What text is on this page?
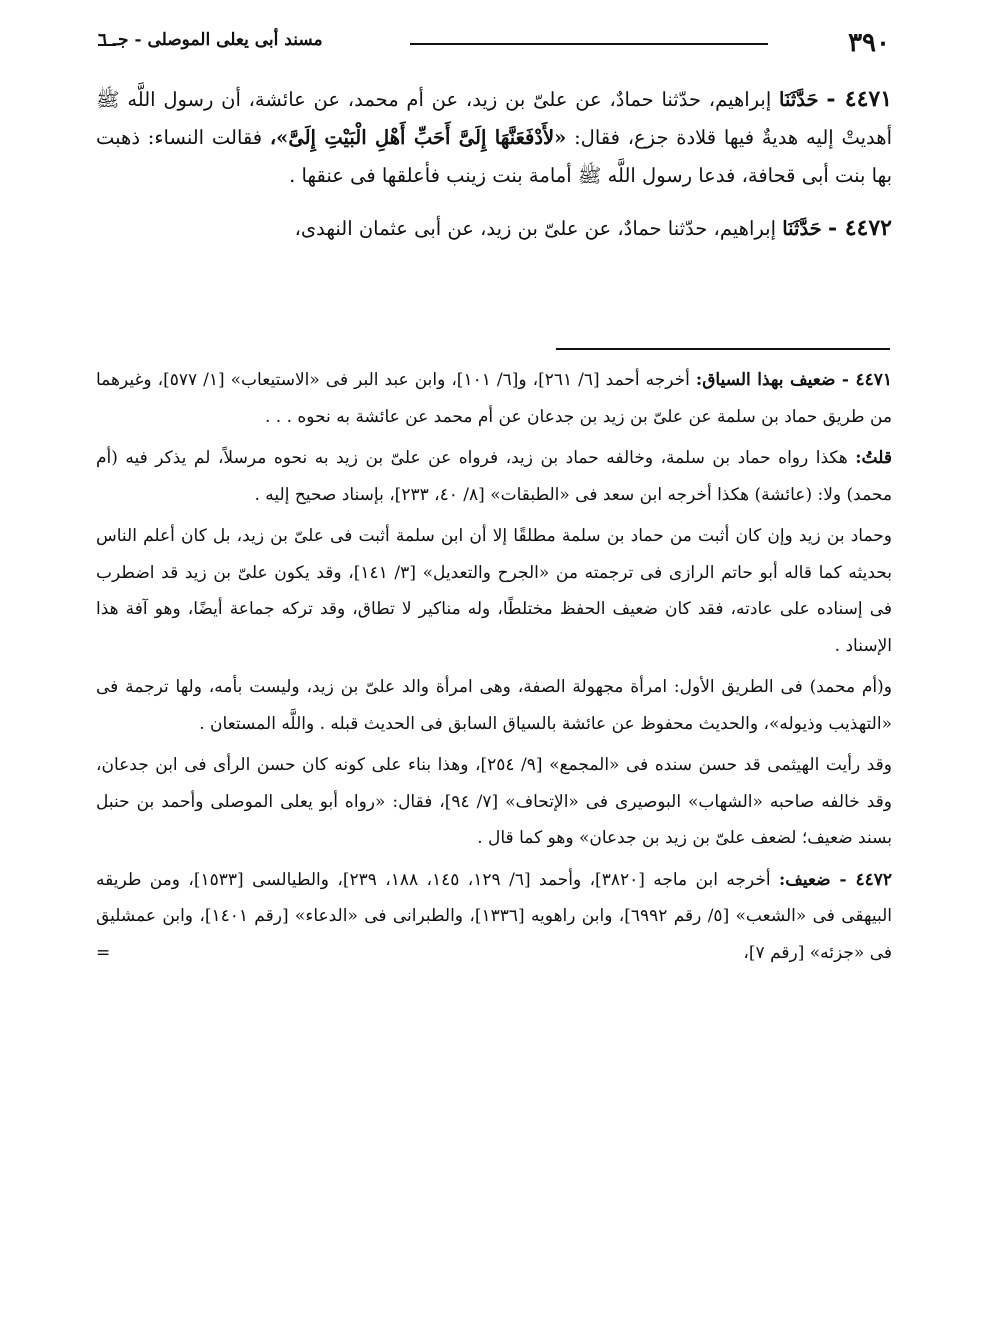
٣٩٠
مسند أبى يعلى الموصلى - جـ ٦

٤٤٧١ - حَدَّثَنَا إبراهيم، حدّثنا حمادٌ، عن علىّ بن زيد، عن أم محمد، عن عائشة، أن رسول اللَّه ﷺ أهديتْ إليه هديةٌ فيها قلادة جزع، فقال: «لأَدْفَعَنَّهَا إِلَىَّ أَحَبِّ أَهْلِ الْبَيْتِ إِلَىَّ»، فقالت النساء: ذهبت بها بنت أبى قحافة، فدعا رسول اللَّه ﷺ أمامة بنت زينب فأعلقها فى عنقها .

٤٤٧٢ - حَدَّثَنَا إبراهيم، حدّثنا حمادٌ، عن علىّ بن زيد، عن أبى عثمان النهدى،

٤٤٧١ - ضعيف بهذا السياق: أخرجه أحمد [٦/ ٢٦١]، و[٦/ ١٠١]، وابن عبد البر فى «الاستيعاب» [١/ ٥٧٧]، وغيرهما من طريق حماد بن سلمة عن علىّ بن زيد بن جدعان عن أم محمد عن عائشة به نحوه . . .

قلتُ: هكذا رواه حماد بن سلمة، وخالفه حماد بن زيد، فرواه عن علىّ بن زيد به نحوه مرسلاً، لم يذكر فيه (أم محمد) ولا: (عائشة) هكذا أخرجه ابن سعد فى «الطبقات» [٨/ ٤٠، ٢٣٣]، بإسناد صحيح إليه .

وحماد بن زيد وإن كان أثبت من حماد بن سلمة مطلقًا إلا أن ابن سلمة أثبت فى علىّ بن زيد، بل كان أعلم الناس بحديثه كما قاله أبو حاتم الرازى فى ترجمته من «الجرح والتعديل» [٣/ ١٤١]، وقد يكون علىّ بن زيد قد اضطرب فى إسناده على عادته، فقد كان ضعيف الحفظ مختلطًا، وله مناكير لا تطاق، وقد تركه جماعة أيضًا، وهو آفة هذا الإسناد .

و(أم محمد) فى الطريق الأول: امرأة مجهولة الصفة، وهى امرأة والد علىّ بن زيد، وليست بأمه، ولها ترجمة فى «التهذيب وذيوله»، والحديث محفوظ عن عائشة بالسياق السابق فى الحديث قبله . واللَّه المستعان .

وقد رأيت الهيثمى قد حسن سنده فى «المجمع» [٩/ ٢٥٤]، وهذا بناء على كونه كان حسن الرأى فى ابن جدعان، وقد خالفه صاحبه «الشهاب» البوصيرى فى «الإتحاف» [٧/ ٩٤]، فقال: «رواه أبو يعلى الموصلى وأحمد بن حنبل بسند ضعيف؛ لضعف علىّ بن زيد بن جدعان» وهو كما قال .

٤٤٧٢ - ضعيف: أخرجه ابن ماجه [٣٨٢٠]، وأحمد [٦/ ١٢٩، ١٤٥، ١٨٨، ٢٣٩]، والطيالسى [١٥٣٣]، ومن طريقه البيهقى فى «الشعب» [٥/ رقم ٦٩٩٢]، وابن راهويه [١٣٣٦]، والطبرانى فى «الدعاء» [رقم ١٤٠١]، وابن عمشليق فى «جزئه» [رقم ٧]،
=
